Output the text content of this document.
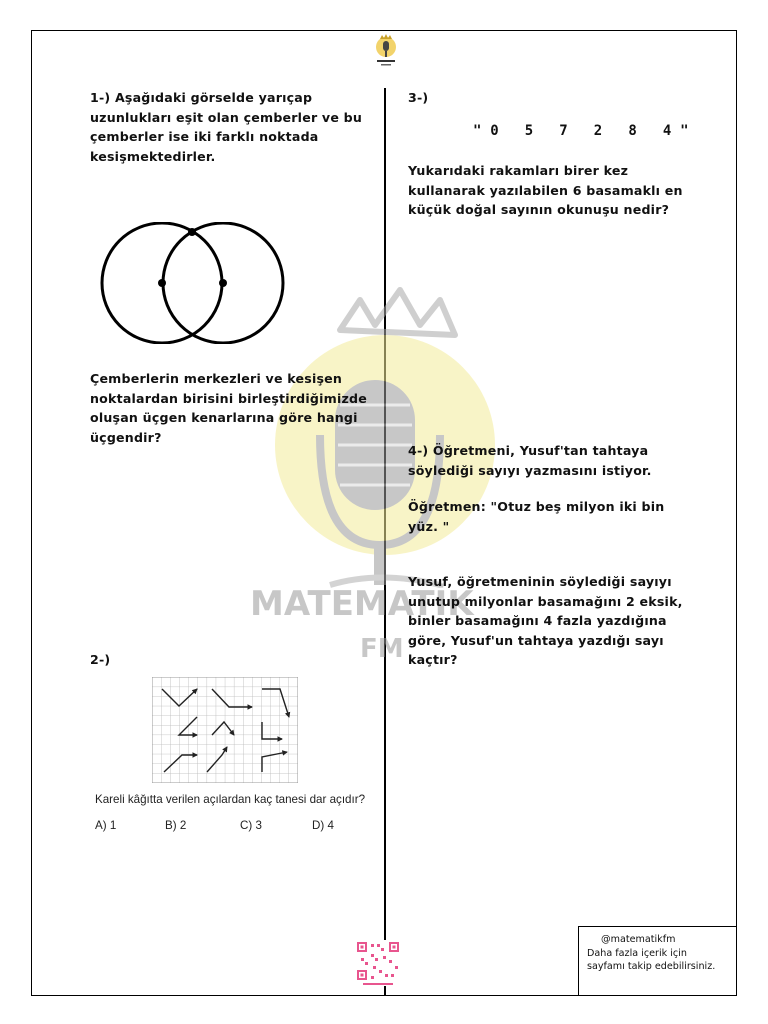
MATEMATİK
FM
1-) Aşağıdaki görselde yarıçap
uzunlukları eşit olan çemberler ve bu
çemberler ise iki farklı noktada
kesişmektedirler.
Çemberlerin merkezleri ve kesişen
noktalardan birisini birleştirdiğimizde
oluşan üçgen kenarlarına göre hangi
üçgendir?
2-)
Kareli kâğıtta verilen açılardan kaç tanesi dar açıdır?
A) 1	B) 2	C) 3	D) 4
3-)
" 0   5   7   2   8   4 "
Yukarıdaki rakamları birer kez
kullanarak yazılabilen 6 basamaklı en
küçük doğal sayının okunuşu nedir?
4-) Öğretmeni, Yusuf'tan tahtaya
söylediği sayıyı yazmasını istiyor.
Öğretmen: "Otuz beş milyon iki bin
yüz. "
Yusuf, öğretmeninin söylediği sayıyı
unutup milyonlar basamağını 2 eksik,
binler basamağını 4 fazla yazdığına
göre, Yusuf'un tahtaya yazdığı sayı
kaçtır?
@matematikfm
Daha fazla içerik için
sayfamı takip edebilirsiniz.
